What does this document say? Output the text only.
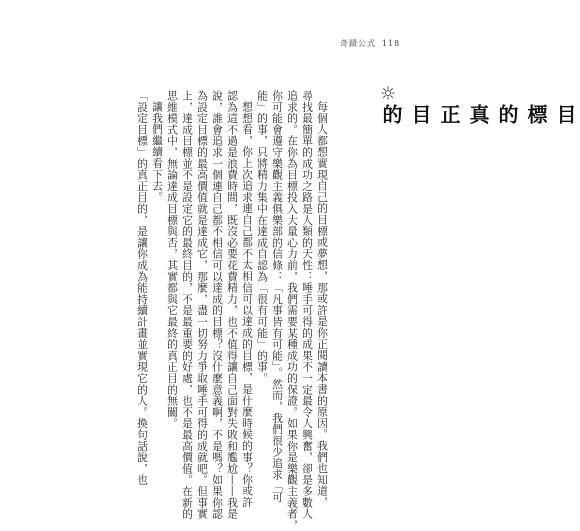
奇蹟公式 118
目標的真正目的

每個人都想實現自己的目標或夢想，那或許是你正閱讀本書的原因。我們也知道，

尋找最簡單的成功之路是人類的天性：唾手可得的成果不一定最令人興奮，卻是多數人

追求的。在你為目標投入大量心力前，我們需要某種成功的保證。如果你是樂觀主義者，

你可能會遵守樂觀主義俱樂部的信條：「凡事皆有可能」。然而，我們很少追求「可

能」的事，只將精力集中在達成自認為「很有可能」的事。

想想看，你上次追求連自己都不太相信可以達成的目標，是什麼時候的事？你或許

認為這不過是浪費時間，既沒必要花費精力，也不值得讓自己面對失敗和尷尬——我是

說，誰會追求一個連自己都不相信可以達成的目標？沒什麼意義啊，不是嗎？如果你認

為設定目標的最高價值就是達成它，那麼，盡一切努力爭取唾手可得的成就吧。但事實

上，達成目標並不是設定它的最終目的，不是最重要的好處，也不是最高價值。在新的

思維模式中，無論達成目標與否，其實都與它最終的真正目的無關。

讓我們繼續看下去。

「設定目標」的真正目的，是讓你成為能持續計畫並實現它的人。換句話說，也
